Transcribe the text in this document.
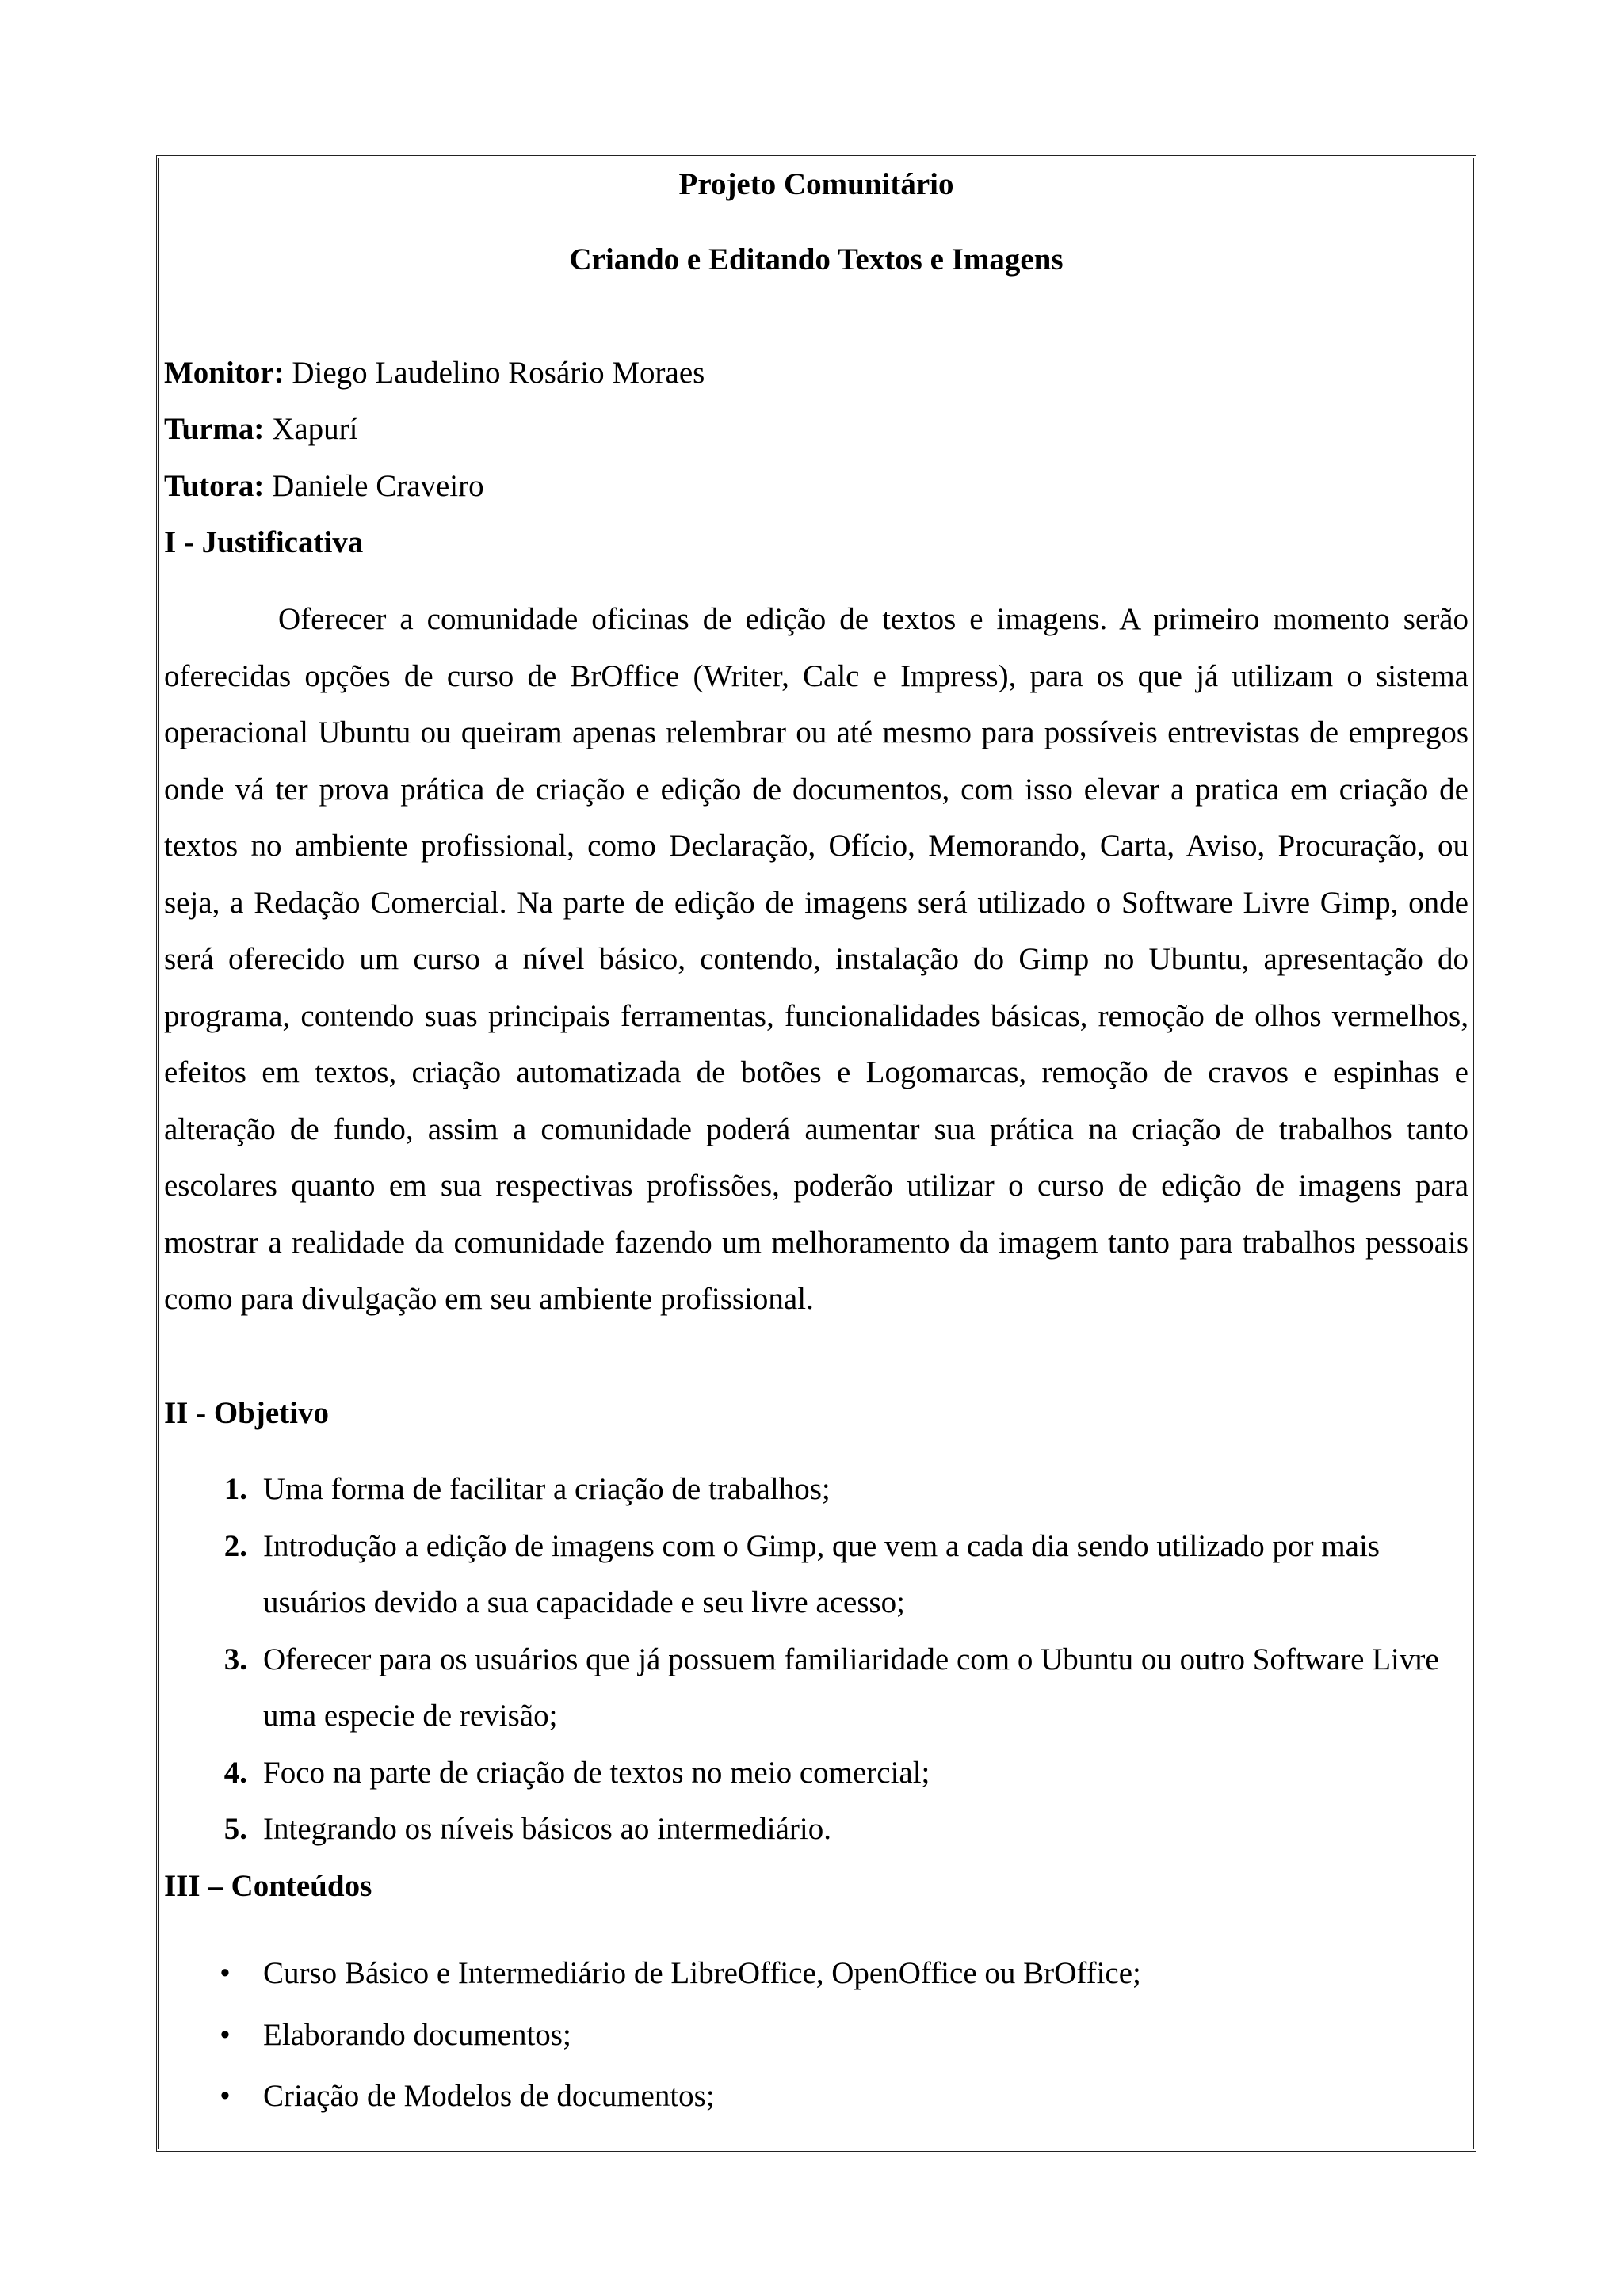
Projeto Comunitário
Criando e Editando Textos e Imagens
Monitor: Diego Laudelino Rosário Moraes
Turma: Xapurí
Tutora: Daniele Craveiro
I - Justificativa
Oferecer a comunidade oficinas de edição de textos e imagens. A primeiro momento serão oferecidas opções de curso de BrOffice (Writer, Calc e Impress), para os que já utilizam o sistema operacional Ubuntu ou queiram apenas relembrar ou até mesmo para possíveis entrevistas de empregos onde vá ter prova prática de criação e edição de documentos, com isso elevar a pratica em criação de textos no ambiente profissional, como Declaração, Ofício, Memorando, Carta, Aviso, Procuração, ou seja, a Redação Comercial. Na parte de edição de imagens será utilizado o Software Livre Gimp, onde será oferecido um curso a nível básico, contendo, instalação do Gimp no Ubuntu, apresentação do programa, contendo suas principais ferramentas, funcionalidades básicas, remoção de olhos vermelhos, efeitos em textos, criação automatizada de botões e Logomarcas, remoção de cravos e espinhas e alteração de fundo, assim a comunidade poderá aumentar sua prática na criação de trabalhos tanto escolares quanto em sua respectivas profissões, poderão utilizar o curso de edição de imagens para mostrar a realidade da comunidade fazendo um melhoramento da imagem tanto para trabalhos pessoais como para divulgação em seu ambiente profissional.
II - Objetivo
1. Uma forma de facilitar a criação de trabalhos;
2. Introdução a edição de imagens com o Gimp, que vem a cada dia sendo utilizado por mais usuários devido a sua capacidade e seu livre acesso;
3. Oferecer para os usuários que já possuem familiaridade com o Ubuntu ou outro Software Livre uma especie de revisão;
4. Foco na parte de criação de textos no meio comercial;
5. Integrando os níveis básicos ao intermediário.
III – Conteúdos
• Curso Básico e Intermediário de LibreOffice, OpenOffice ou BrOffice;
• Elaborando documentos;
• Criação de Modelos de documentos;
